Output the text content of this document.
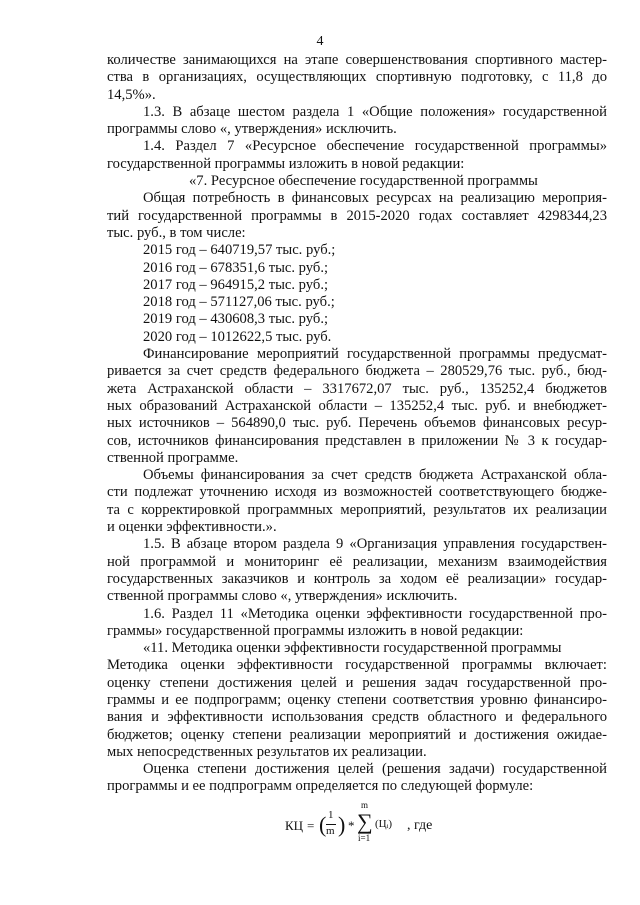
4
количестве занимающихся на этапе совершенствования спортивного мастер-
ства в организациях, осуществляющих спортивную подготовку, с 11,8 до
14,5%».
1.3. В абзаце шестом раздела 1 «Общие положения» государственной
программы слово «, утверждения» исключить.
1.4. Раздел 7 «Ресурсное обеспечение государственной программы»
государственной программы изложить в новой редакции:
«7. Ресурсное обеспечение государственной программы
Общая потребность в финансовых ресурсах на реализацию мероприя-
тий государственной программы в 2015-2020 годах составляет 4298344,23
тыс. руб., в том числе:
2015 год – 640719,57 тыс. руб.;
2016 год – 678351,6 тыс. руб.;
2017 год – 964915,2 тыс. руб.;
2018 год – 571127,06 тыс. руб.;
2019 год – 430608,3 тыс. руб.;
2020 год – 1012622,5 тыс. руб.
Финансирование мероприятий государственной программы предусмат-
ривается за счет средств федерального бюджета – 280529,76 тыс. руб., бюд-
жета Астраханской области – 3317672,07 тыс. руб., 135252,4 бюджетов
ных образований Астраханской области – 135252,4 тыс. руб. и внебюджет-
ных источников – 564890,0 тыс. руб. Перечень объемов финансовых ресур-
сов, источников финансирования представлен в приложении № 3 к государ-
ственной программе.
Объемы финансирования за счет средств бюджета Астраханской обла-
сти подлежат уточнению исходя из возможностей соответствующего бюдже-
та с корректировкой программных мероприятий, результатов их реализации
и оценки эффективности.».
1.5. В абзаце втором раздела 9 «Организация управления государствен-
ной программой и мониторинг её реализации, механизм взаимодействия
государственных заказчиков и контроль за ходом её реализации» государ-
ственной программы слово «, утверждения» исключить.
1.6. Раздел 11 «Методика оценки эффективности государственной про-
граммы» государственной программы изложить в новой редакции:
«11. Методика оценки эффективности государственной программы
Методика оценки эффективности государственной программы включает:
оценку степени достижения целей и решения задач государственной про-
граммы и ее подпрограмм; оценку степени соответствия уровню финансиро-
вания и эффективности использования средств областного и федерального
бюджетов; оценку степени реализации мероприятий и достижения ожидае-
мых непосредственных результатов их реализации.
Оценка степени достижения целей (решения задачи) государственной
программы и ее подпрограмм определяется по следующей формуле:
КЦ = ( 1
m ) *
m
∑
i=1
(Цᵢ) , где
